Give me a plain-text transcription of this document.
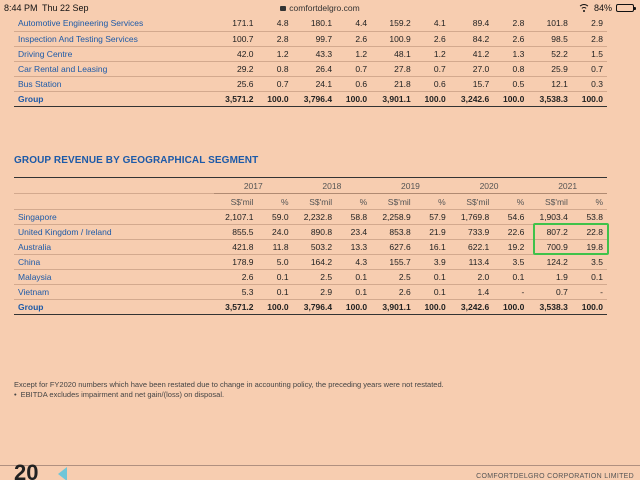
8:44 PM Thu 22 Sep	comfortdelgro.com	84%
Automotive Engineering Services	171.1	4.8	180.1	4.4	159.2	4.1	89.4	2.8	101.8	2.9
Inspection And Testing Services	100.7	2.8	99.7	2.6	100.9	2.6	84.2	2.6	98.5	2.8
Driving Centre	42.0	1.2	43.3	1.2	48.1	1.2	41.2	1.3	52.2	1.5
Car Rental and Leasing	29.2	0.8	26.4	0.7	27.8	0.7	27.0	0.8	25.9	0.7
Bus Station	25.6	0.7	24.1	0.6	21.8	0.6	15.7	0.5	12.1	0.3
Group	3,571.2	100.0	3,796.4	100.0	3,901.1	100.0	3,242.6	100.0	3,538.3	100.0
GROUP REVENUE BY GEOGRAPHICAL SEGMENT
	2017		2018		2019		2020		2021	
	S$'mil	%	S$'mil	%	S$'mil	%	S$'mil	%	S$'mil	%
Singapore	2,107.1	59.0	2,232.8	58.8	2,258.9	57.9	1,769.8	54.6	1,903.4	53.8
United Kingdom / Ireland	855.5	24.0	890.8	23.4	853.8	21.9	733.9	22.6	807.2	22.8
Australia	421.8	11.8	503.2	13.3	627.6	16.1	622.1	19.2	700.9	19.8
China	178.9	5.0	164.2	4.3	155.7	3.9	113.4	3.5	124.2	3.5
Malaysia	2.6	0.1	2.5	0.1	2.5	0.1	2.0	0.1	1.9	0.1
Vietnam	5.3	0.1	2.9	0.1	2.6	0.1	1.4	-	0.7	-
Group	3,571.2	100.0	3,796.4	100.0	3,901.1	100.0	3,242.6	100.0	3,538.3	100.0
Except for FY2020 numbers which have been restated due to change in accounting policy, the preceding years were not restated.
• EBITDA excludes impairment and net gain/(loss) on disposal.
20	COMFORTDELGRO CORPORATION LIMITED
